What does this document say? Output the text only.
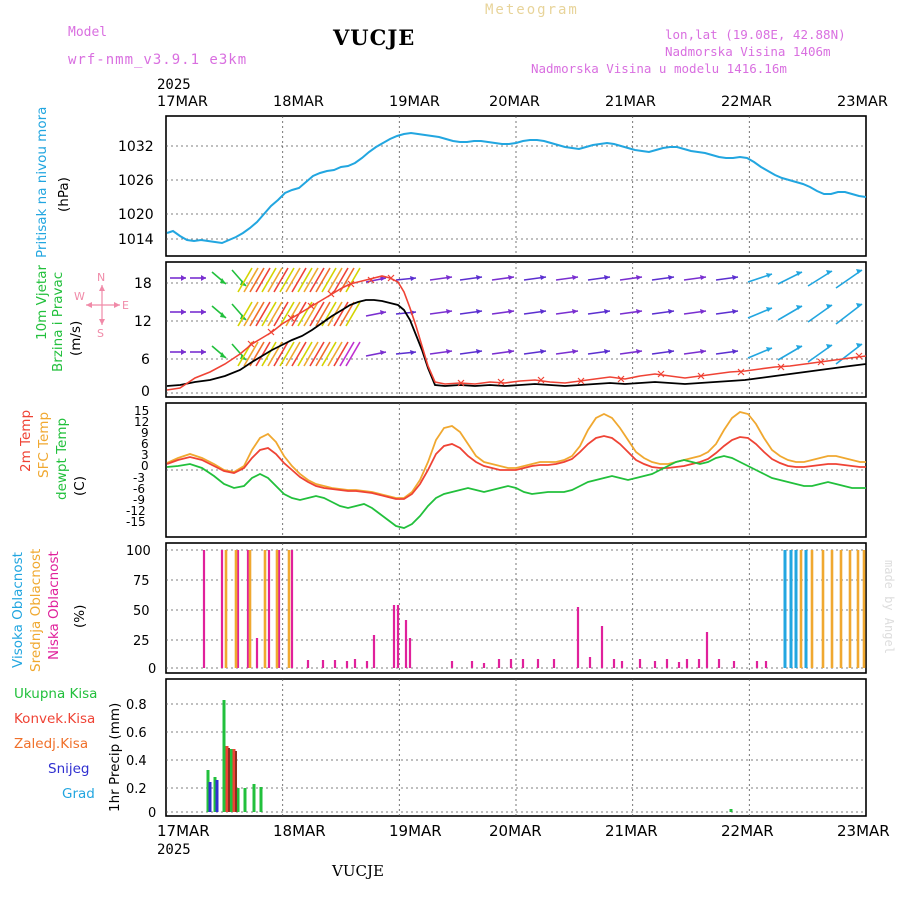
Meteogram
VUCJE
Model
wrf-nmm_v3.9.1 e3km
lon,lat (19.08E, 42.88N)
Nadmorska Visina 1406m
Nadmorska Visina u modelu 1416.16m
made by Angel
2025
17MAR	18MAR	19MAR	20MAR	21MAR	22MAR	23MAR
1032
1026
1020
1014
18
12
6
0
N
S
E
W
15
12
9
6
3
0
-3
-6
-9
-12
-15
100
75
50
25
0
0.8
0.6
0.4
0.2
0
17MAR	18MAR	19MAR	20MAR	21MAR	22MAR	23MAR
2025
VUCJE
Pritisak na nivou mora (hPa)
10m Vjetar Brzina i Pravac (m/s)
2m Temp SFC Temp dewpt Temp (C)
Visoka Oblacnost Srednja Oblacnost Niska Oblacnost (%)
Ukupna Kisa
Konvek.Kisa
Zaledj.Kisa
Snijeg
Grad 1hr Precip (mm)
